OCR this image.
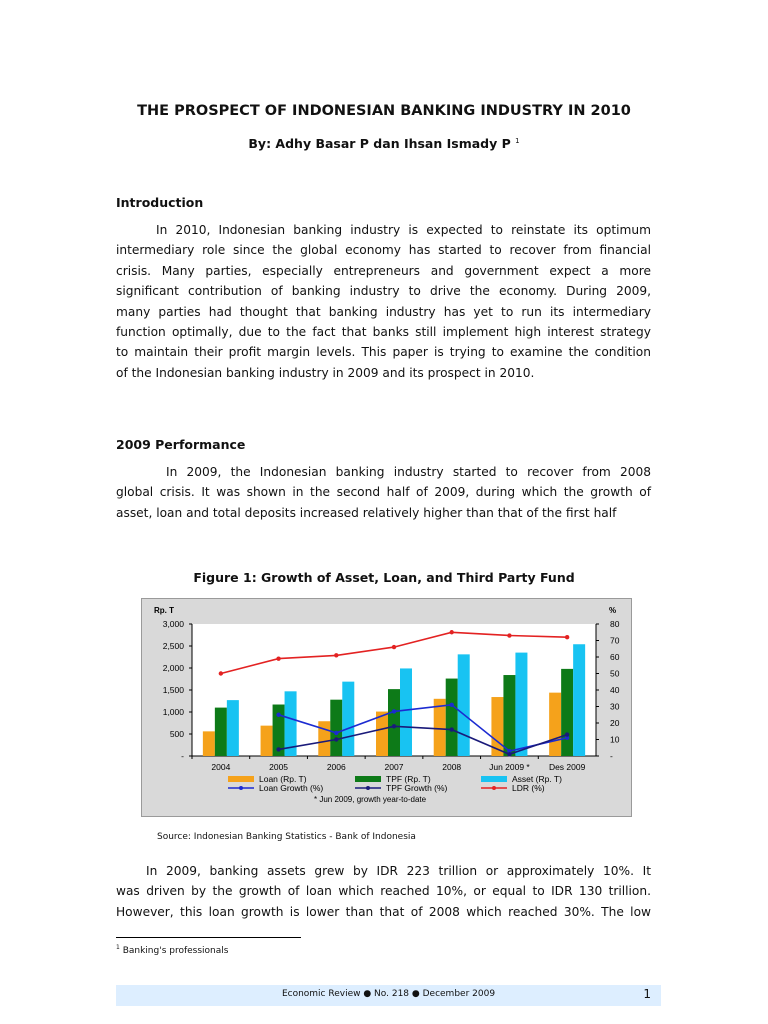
THE PROSPECT OF INDONESIAN BANKING INDUSTRY IN 2010
By: Adhy Basar P dan Ihsan Ismady P $^1$
Introduction
In 2010, Indonesian banking industry is expected to reinstate its optimum
intermediary role since the global economy has started to recover from financial
crisis. Many parties, especially entrepreneurs and government expect a more
significant contribution of banking industry to drive the economy. During 2009,
many parties had thought that banking industry has yet to run its intermediary
function optimally, due to the fact that banks still implement high interest strategy
to maintain their profit margin levels. This paper is trying to examine the condition
of the Indonesian banking industry in 2009 and its prospect in 2010.
2009 Performance
In 2009, the Indonesian banking industry started to recover from 2008
global crisis. It was shown in the second half of 2009, during which the growth of
asset, loan and total deposits increased relatively higher than that of the first half
Figure 1: Growth of Asset, Loan, and Third Party Fund
-
500
1,000
1,500
2,000
2,500
3,000
Rp. T
-
10
20
30
40
50
60
70
80
%
2004	2005	2006	2007	2008	Jun 2009 * Des 2009
Loan (Rp. T)	TPF (Rp. T)	Asset (Rp. T)
Loan Growth (%)	TPF Growth (%)	LDR (%)
* Jun 2009, growth year-to-date
Source: Indonesian Banking Statistics - Bank of Indonesia
In 2009, banking assets grew by IDR 223 trillion or approximately 10%. It
was driven by the growth of loan which reached 10%, or equal to IDR 130 trillion.
However, this loan growth is lower than that of 2008 which reached 30%. The low
$^1$ Banking's professionals
Economic Review ● No. 218 ● December 2009	1
